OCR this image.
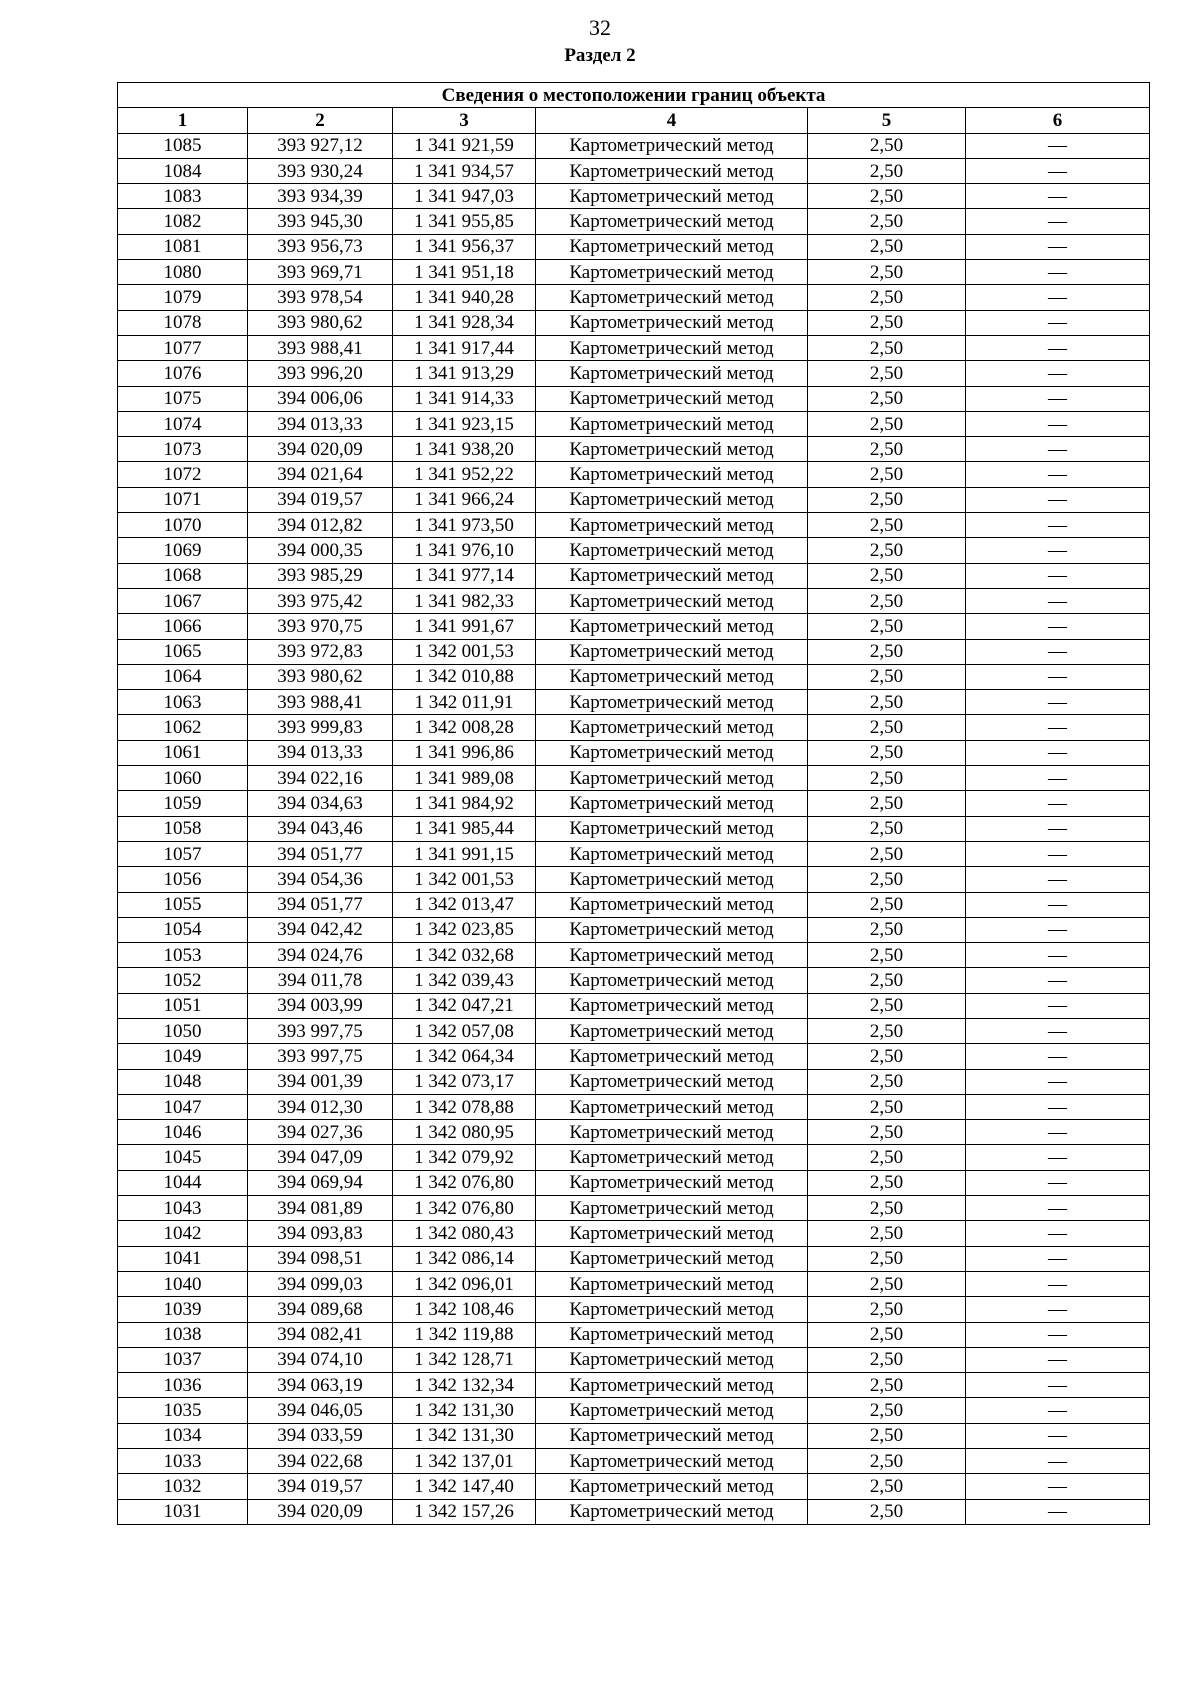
32
Раздел 2
Сведения о местоположении границ объекта					
1	2	3	4	5	6
1085	393 927,12	1 341 921,59	Картометрический метод	2,50	—
1084	393 930,24	1 341 934,57	Картометрический метод	2,50	—
1083	393 934,39	1 341 947,03	Картометрический метод	2,50	—
1082	393 945,30	1 341 955,85	Картометрический метод	2,50	—
1081	393 956,73	1 341 956,37	Картометрический метод	2,50	—
1080	393 969,71	1 341 951,18	Картометрический метод	2,50	—
1079	393 978,54	1 341 940,28	Картометрический метод	2,50	—
1078	393 980,62	1 341 928,34	Картометрический метод	2,50	—
1077	393 988,41	1 341 917,44	Картометрический метод	2,50	—
1076	393 996,20	1 341 913,29	Картометрический метод	2,50	—
1075	394 006,06	1 341 914,33	Картометрический метод	2,50	—
1074	394 013,33	1 341 923,15	Картометрический метод	2,50	—
1073	394 020,09	1 341 938,20	Картометрический метод	2,50	—
1072	394 021,64	1 341 952,22	Картометрический метод	2,50	—
1071	394 019,57	1 341 966,24	Картометрический метод	2,50	—
1070	394 012,82	1 341 973,50	Картометрический метод	2,50	—
1069	394 000,35	1 341 976,10	Картометрический метод	2,50	—
1068	393 985,29	1 341 977,14	Картометрический метод	2,50	—
1067	393 975,42	1 341 982,33	Картометрический метод	2,50	—
1066	393 970,75	1 341 991,67	Картометрический метод	2,50	—
1065	393 972,83	1 342 001,53	Картометрический метод	2,50	—
1064	393 980,62	1 342 010,88	Картометрический метод	2,50	—
1063	393 988,41	1 342 011,91	Картометрический метод	2,50	—
1062	393 999,83	1 342 008,28	Картометрический метод	2,50	—
1061	394 013,33	1 341 996,86	Картометрический метод	2,50	—
1060	394 022,16	1 341 989,08	Картометрический метод	2,50	—
1059	394 034,63	1 341 984,92	Картометрический метод	2,50	—
1058	394 043,46	1 341 985,44	Картометрический метод	2,50	—
1057	394 051,77	1 341 991,15	Картометрический метод	2,50	—
1056	394 054,36	1 342 001,53	Картометрический метод	2,50	—
1055	394 051,77	1 342 013,47	Картометрический метод	2,50	—
1054	394 042,42	1 342 023,85	Картометрический метод	2,50	—
1053	394 024,76	1 342 032,68	Картометрический метод	2,50	—
1052	394 011,78	1 342 039,43	Картометрический метод	2,50	—
1051	394 003,99	1 342 047,21	Картометрический метод	2,50	—
1050	393 997,75	1 342 057,08	Картометрический метод	2,50	—
1049	393 997,75	1 342 064,34	Картометрический метод	2,50	—
1048	394 001,39	1 342 073,17	Картометрический метод	2,50	—
1047	394 012,30	1 342 078,88	Картометрический метод	2,50	—
1046	394 027,36	1 342 080,95	Картометрический метод	2,50	—
1045	394 047,09	1 342 079,92	Картометрический метод	2,50	—
1044	394 069,94	1 342 076,80	Картометрический метод	2,50	—
1043	394 081,89	1 342 076,80	Картометрический метод	2,50	—
1042	394 093,83	1 342 080,43	Картометрический метод	2,50	—
1041	394 098,51	1 342 086,14	Картометрический метод	2,50	—
1040	394 099,03	1 342 096,01	Картометрический метод	2,50	—
1039	394 089,68	1 342 108,46	Картометрический метод	2,50	—
1038	394 082,41	1 342 119,88	Картометрический метод	2,50	—
1037	394 074,10	1 342 128,71	Картометрический метод	2,50	—
1036	394 063,19	1 342 132,34	Картометрический метод	2,50	—
1035	394 046,05	1 342 131,30	Картометрический метод	2,50	—
1034	394 033,59	1 342 131,30	Картометрический метод	2,50	—
1033	394 022,68	1 342 137,01	Картометрический метод	2,50	—
1032	394 019,57	1 342 147,40	Картометрический метод	2,50	—
1031	394 020,09	1 342 157,26	Картометрический метод	2,50	—
